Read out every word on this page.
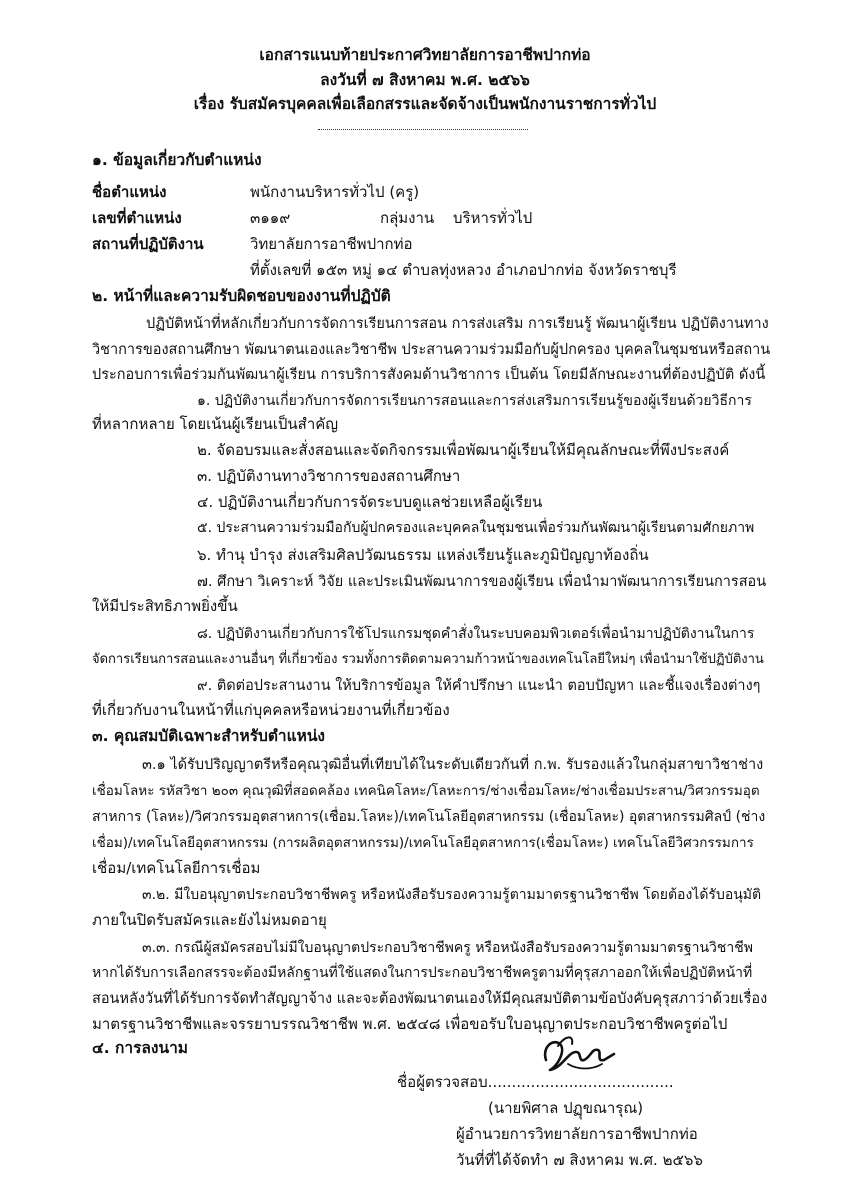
เอกสารแนบท้ายประกาศวิทยาลัยการอาชีพปากท่อ
ลงวันที่ ๗ สิงหาคม พ.ศ. ๒๕๖๖
เรื่อง รับสมัครบุคคลเพื่อเลือกสรรและจัดจ้างเป็นพนักงานราชการทั่วไป
๑. ข้อมูลเกี่ยวกับตำแหน่ง
ชื่อตำแหน่ง	พนักงานบริหารทั่วไป (ครู)
เลขที่ตำแหน่ง	๓๑๑๙	กลุ่มงาน บริหารทั่วไป
สถานที่ปฏิบัติงาน	วิทยาลัยการอาชีพปากท่อ
ที่ตั้งเลขที่ ๑๕๓ หมู่ ๑๔ ตำบลทุ่งหลวง อำเภอปากท่อ จังหวัดราชบุรี
๒. หน้าที่และความรับผิดชอบของงานที่ปฏิบัติ
ปฏิบัติหน้าที่หลักเกี่ยวกับการจัดการเรียนการสอน การส่งเสริม การเรียนรู้ พัฒนาผู้เรียน ปฏิบัติงานทาง
วิชาการของสถานศึกษา พัฒนาตนเองและวิชาชีพ ประสานความร่วมมือกับผู้ปกครอง บุคคลในชุมชนหรือสถาน
ประกอบการเพื่อร่วมกันพัฒนาผู้เรียน การบริการสังคมด้านวิชาการ เป็นต้น โดยมีลักษณะงานที่ต้องปฏิบัติ ดังนี้
๑. ปฏิบัติงานเกี่ยวกับการจัดการเรียนการสอนและการส่งเสริมการเรียนรู้ของผู้เรียนด้วยวิธีการ
ที่หลากหลาย โดยเน้นผู้เรียนเป็นสำคัญ
๒. จัดอบรมและสั่งสอนและจัดกิจกรรมเพื่อพัฒนาผู้เรียนให้มีคุณลักษณะที่พึงประสงค์
๓. ปฏิบัติงานทางวิชาการของสถานศึกษา
๔. ปฏิบัติงานเกี่ยวกับการจัดระบบดูแลช่วยเหลือผู้เรียน
๕. ประสานความร่วมมือกับผู้ปกครองและบุคคลในชุมชนเพื่อร่วมกันพัฒนาผู้เรียนตามศักยภาพ
๖. ทำนุ บำรุง ส่งเสริมศิลปวัฒนธรรม แหล่งเรียนรู้และภูมิปัญญาท้องถิ่น
๗. ศึกษา วิเคราะห์ วิจัย และประเมินพัฒนาการของผู้เรียน เพื่อนำมาพัฒนาการเรียนการสอน
ให้มีประสิทธิภาพยิ่งขึ้น
๘. ปฏิบัติงานเกี่ยวกับการใช้โปรแกรมชุดคำสั่งในระบบคอมพิวเตอร์เพื่อนำมาปฏิบัติงานในการ
จัดการเรียนการสอนและงานอื่นๆ ที่เกี่ยวข้อง รวมทั้งการติดตามความก้าวหน้าของเทคโนโลยีใหม่ๆ เพื่อนำมาใช้ปฏิบัติงาน
๙. ติดต่อประสานงาน ให้บริการข้อมูล ให้คำปรึกษา แนะนำ ตอบปัญหา และชี้แจงเรื่องต่างๆ
ที่เกี่ยวกับงานในหน้าที่แก่บุคคลหรือหน่วยงานที่เกี่ยวข้อง
๓. คุณสมบัติเฉพาะสำหรับตำแหน่ง
๓.๑ ได้รับปริญญาตรีหรือคุณวุฒิอื่นที่เทียบได้ในระดับเดียวกันที่ ก.พ. รับรองแล้วในกลุ่มสาขาวิชาช่าง
เชื่อมโลหะ รหัสวิชา ๒๐๓ คุณวุฒิที่สอดคล้อง เทคนิคโลหะ/โลหะการ/ช่างเชื่อมโลหะ/ช่างเชื่อมประสาน/วิศวกรรมอุต
สาหการ (โลหะ)/วิศวกรรมอุตสาหการ(เชื่อม.โลหะ)/เทคโนโลยีอุตสาหกรรม (เชื่อมโลหะ) อุตสาหกรรมศิลป์ (ช่าง
เชื่อม)/เทคโนโลยีอุตสาหกรรม (การผลิตอุตสาหกรรม)/เทคโนโลยีอุตสาหการ(เชื่อมโลหะ) เทคโนโลยีวิศวกรรมการ
เชื่อม/เทคโนโลยีการเชื่อม
๓.๒. มีใบอนุญาตประกอบวิชาชีพครู หรือหนังสือรับรองความรู้ตามมาตรฐานวิชาชีพ โดยต้องได้รับอนุมัติ
ภายในปิดรับสมัครและยังไม่หมดอายุ
๓.๓. กรณีผู้สมัครสอบไม่มีใบอนุญาตประกอบวิชาชีพครู หรือหนังสือรับรองความรู้ตามมาตรฐานวิชาชีพ
หากได้รับการเลือกสรรจะต้องมีหลักฐานที่ใช้แสดงในการประกอบวิชาชีพครูตามที่คุรุสภาออกให้เพื่อปฏิบัติหน้าที่
สอนหลังวันที่ได้รับการจัดทำสัญญาจ้าง และจะต้องพัฒนาตนเองให้มีคุณสมบัติตามข้อบังคับคุรุสภาว่าด้วยเรื่อง
มาตรฐานวิชาชีพและจรรยาบรรณวิชาชีพ พ.ศ. ๒๕๔๘ เพื่อขอรับใบอนุญาตประกอบวิชาชีพครูต่อไป
๔. การลงนาม
ชื่อผู้ตรวจสอบ.......................................
(นายพิศาล ปฏุขณารุณ)
ผู้อำนวยการวิทยาลัยการอาชีพปากท่อ
วันที่ที่ได้จัดทำ ๗ สิงหาคม พ.ศ. ๒๕๖๖
